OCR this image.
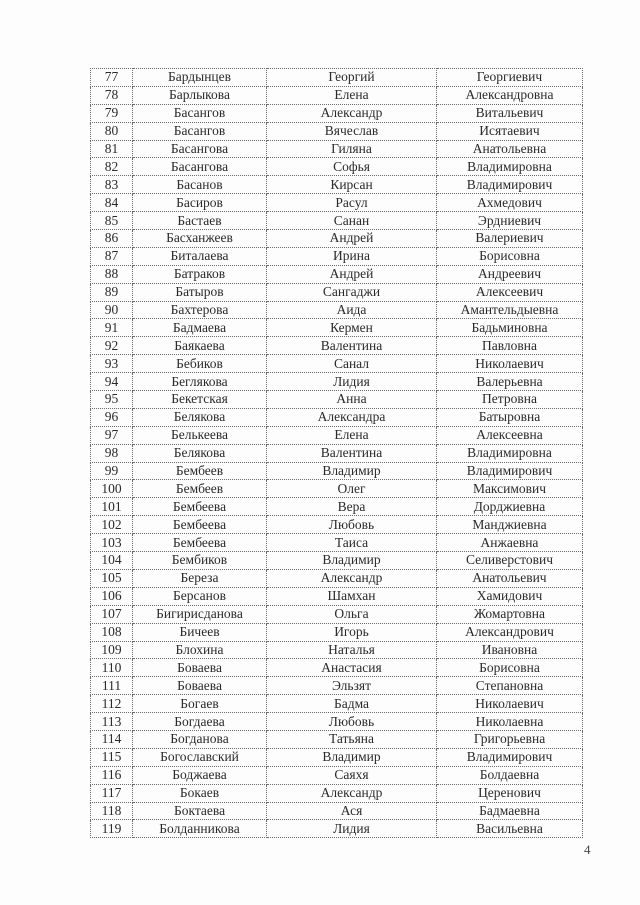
77	Бардынцев	Георгий	Георгиевич
78	Барлыкова	Елена	Александровна
79	Басангов	Александр	Витальевич
80	Басангов	Вячеслав	Исятаевич
81	Басангова	Гиляна	Анатольевна
82	Басангова	Софья	Владимировна
83	Басанов	Кирсан	Владимирович
84	Басиров	Расул	Ахмедович
85	Бастаев	Санан	Эрдниевич
86	Басханжеев	Андрей	Валериевич
87	Биталаева	Ирина	Борисовна
88	Батраков	Андрей	Андреевич
89	Батыров	Сангаджи	Алексеевич
90	Бахтерова	Аида	Амантельдыевна
91	Бадмаева	Кермен	Бадьминовна
92	Баякаева	Валентина	Павловна
93	Бебиков	Санал	Николаевич
94	Беглякова	Лидия	Валерьевна
95	Бекетская	Анна	Петровна
96	Белякова	Александра	Батыровна
97	Белькеева	Елена	Алексеевна
98	Белякова	Валентина	Владимировна
99	Бембеев	Владимир	Владимирович
100	Бембеев	Олег	Максимович
101	Бембеева	Вера	Дорджиевна
102	Бембеева	Любовь	Манджиевна
103	Бембеева	Таиса	Анжаевна
104	Бембиков	Владимир	Селиверстович
105	Береза	Александр	Анатольевич
106	Берсанов	Шамхан	Хамидович
107	Бигирисданова	Ольга	Жомартовна
108	Бичеев	Игорь	Александрович
109	Блохина	Наталья	Ивановна
110	Боваева	Анастасия	Борисовна
111	Боваева	Эльзят	Степановна
112	Богаев	Бадма	Николаевич
113	Богдаева	Любовь	Николаевна
114	Богданова	Татьяна	Григорьевна
115	Богославский	Владимир	Владимирович
116	Боджаева	Саяхя	Болдаевна
117	Бокаев	Александр	Церенович
118	Боктаева	Ася	Бадмаевна
119	Болданникова	Лидия	Васильевна
4
